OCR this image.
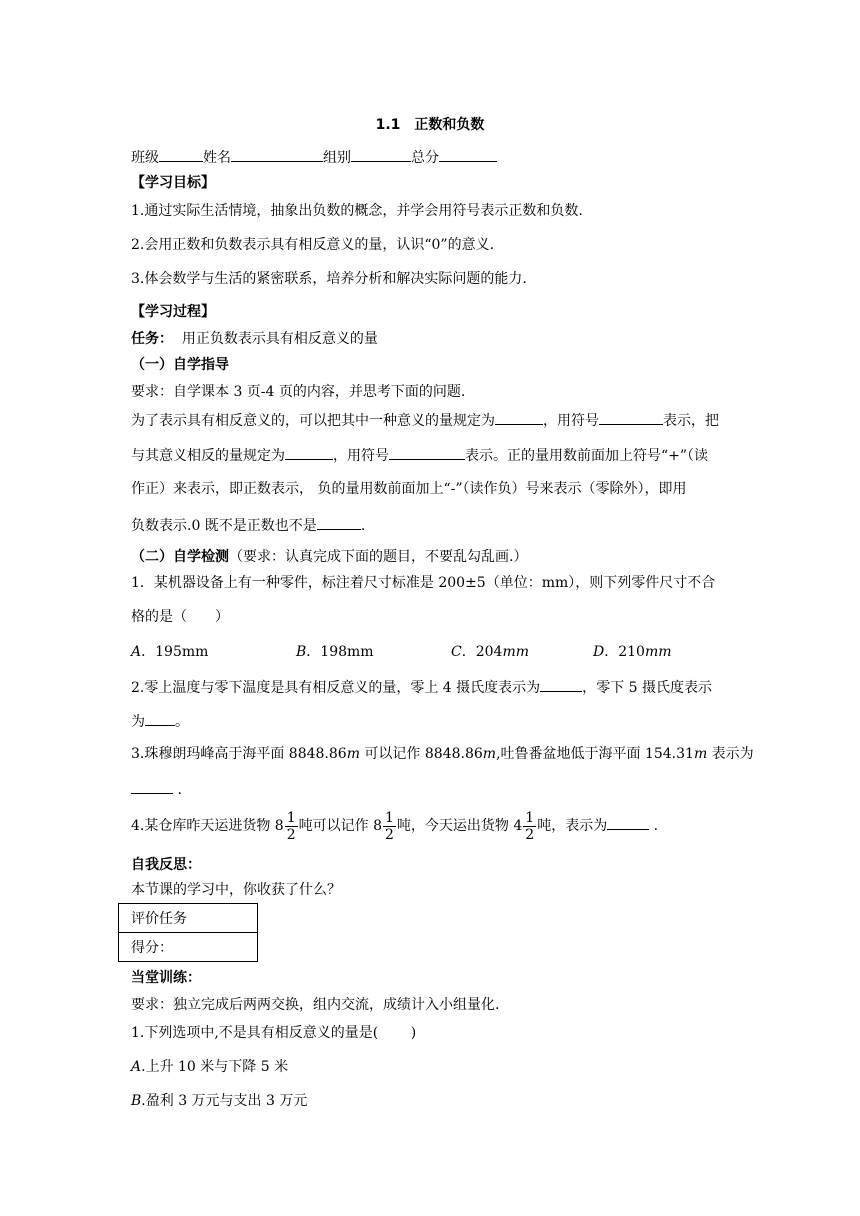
1.1　正数和负数
班级	姓名	组别	总分
【学习目标】
1.通过实际生活情境，抽象出负数的概念，并学会用符号表示正数和负数.
2.会用正数和负数表示具有相反意义的量，认识“0”的意义.
3.体会数学与生活的紧密联系，培养分析和解决实际问题的能力.
【学习过程】
任务： 用正负数表示具有相反意义的量
（一）自学指导
要求：自学课本 3 页-4 页的内容，并思考下面的问题.
为了表示具有相反意义的，可以把其中一种意义的量规定为	，用符号	表示，把
与其意义相反的量规定为	，用符号	表示。正的量用数前面加上符号“+”（读
作正）来表示，即正数表示， 负的量用数前面加上“-”（读作负）号来表示（零除外），即用
负数表示.0 既不是正数也不是	.
（二）自学检测（要求：认真完成下面的题目，不要乱勾乱画.）
1．某机器设备上有一种零件，标注着尺寸标准是 200±5（单位：mm），则下列零件尺寸不合
格的是（　　）
A．195mm	B．198mm	C．204mm	D．210mm
2.零上温度与零下温度是具有相反意义的量，零上 4 摄氏度表示为	，零下 5 摄氏度表示
为 。
3.珠穆朗玛峰高于海平面 8848.86m 可以记作 8848.86m,吐鲁番盆地低于海平面 154.31m 表示为
.
4.某仓库昨天运进货物 $8 \frac{1}{2}$ 吨可以记作 $8 \frac{1}{2}$ 吨，今天运出货物 $4 \frac{1}{2}$ 吨，表示为	.
自我反思：
本节课的学习中，你收获了什么？
评价任务
得分：
当堂训练：
要求：独立完成后两两交换，组内交流，成绩计入小组量化.
1.下列选项中,不是具有相反意义的量是(　　 )
A.上升 10 米与下降 5 米
B.盈利 3 万元与支出 3 万元
